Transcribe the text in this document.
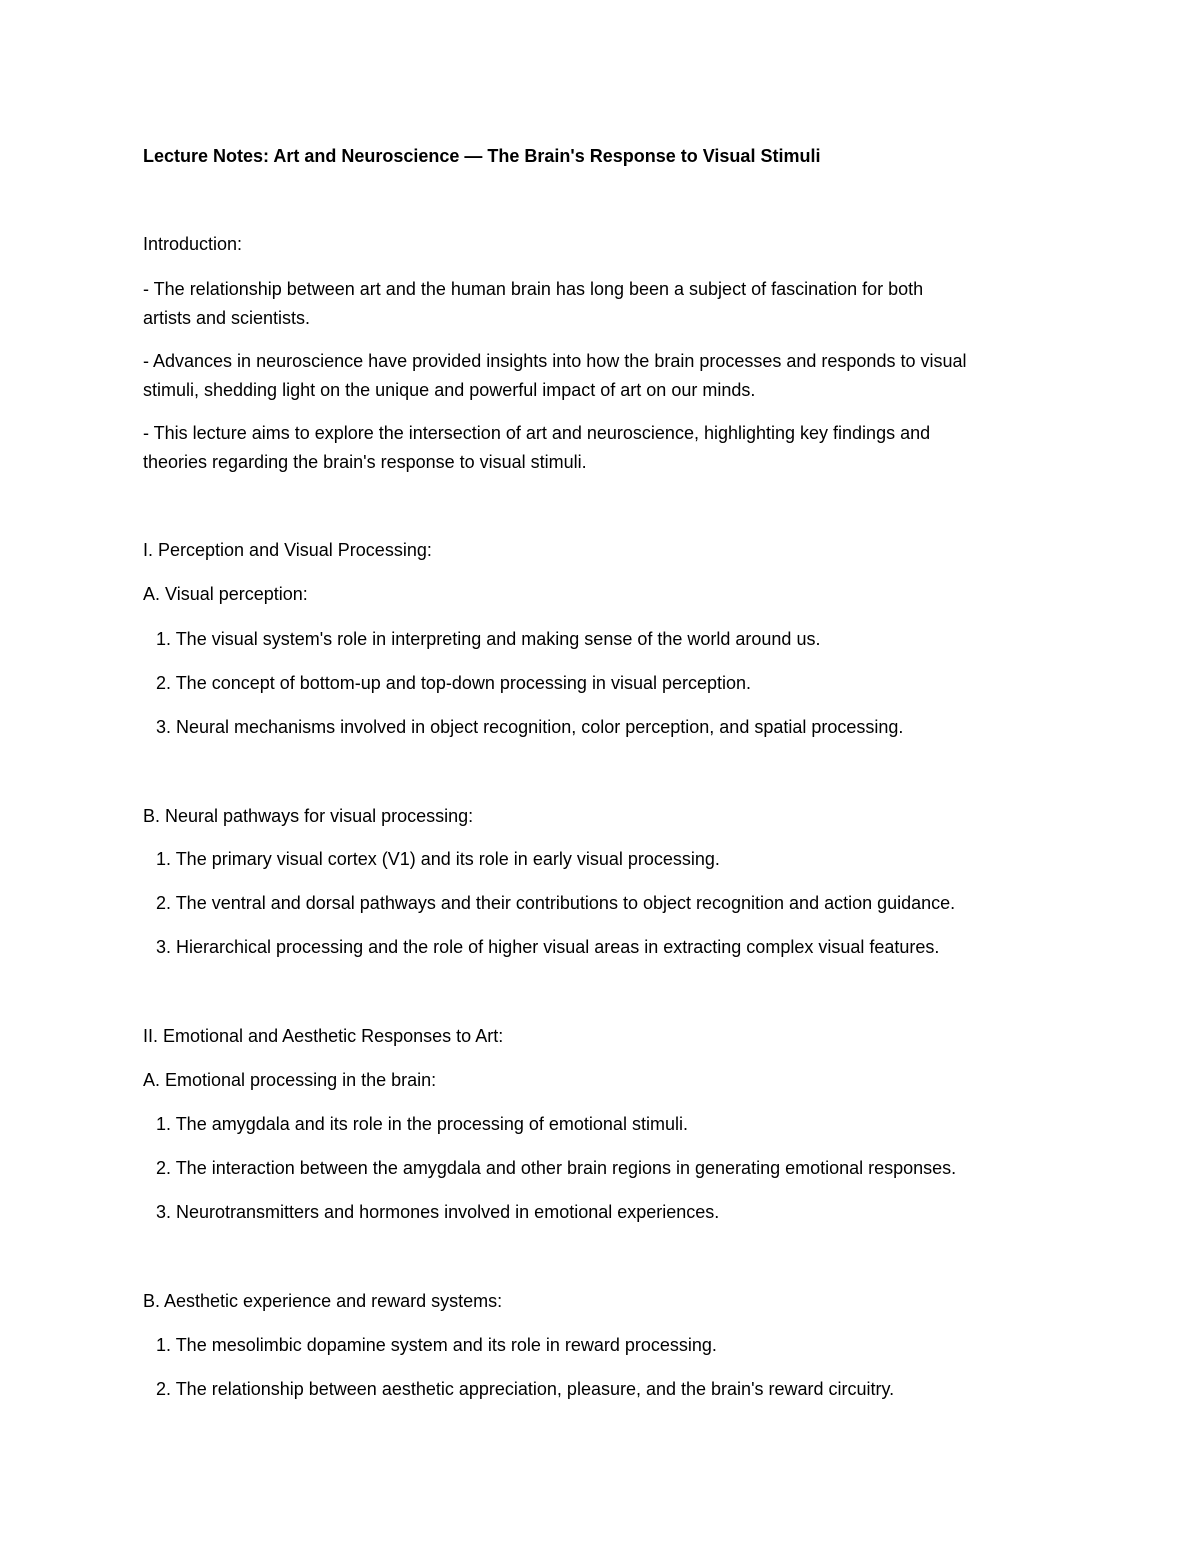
Lecture Notes: Art and Neuroscience — The Brain's Response to Visual Stimuli

Introduction:

- The relationship between art and the human brain has long been a subject of fascination for both

artists and scientists.

- Advances in neuroscience have provided insights into how the brain processes and responds to visual

stimuli, shedding light on the unique and powerful impact of art on our minds.

- This lecture aims to explore the intersection of art and neuroscience, highlighting key findings and

theories regarding the brain's response to visual stimuli.

I. Perception and Visual Processing:

A. Visual perception:

1. The visual system's role in interpreting and making sense of the world around us.

2. The concept of bottom-up and top-down processing in visual perception.

3. Neural mechanisms involved in object recognition, color perception, and spatial processing.

B. Neural pathways for visual processing:

1. The primary visual cortex (V1) and its role in early visual processing.

2. The ventral and dorsal pathways and their contributions to object recognition and action guidance.

3. Hierarchical processing and the role of higher visual areas in extracting complex visual features.

II. Emotional and Aesthetic Responses to Art:

A. Emotional processing in the brain:

1. The amygdala and its role in the processing of emotional stimuli.

2. The interaction between the amygdala and other brain regions in generating emotional responses.

3. Neurotransmitters and hormones involved in emotional experiences.

B. Aesthetic experience and reward systems:

1. The mesolimbic dopamine system and its role in reward processing.

2. The relationship between aesthetic appreciation, pleasure, and the brain's reward circuitry.
